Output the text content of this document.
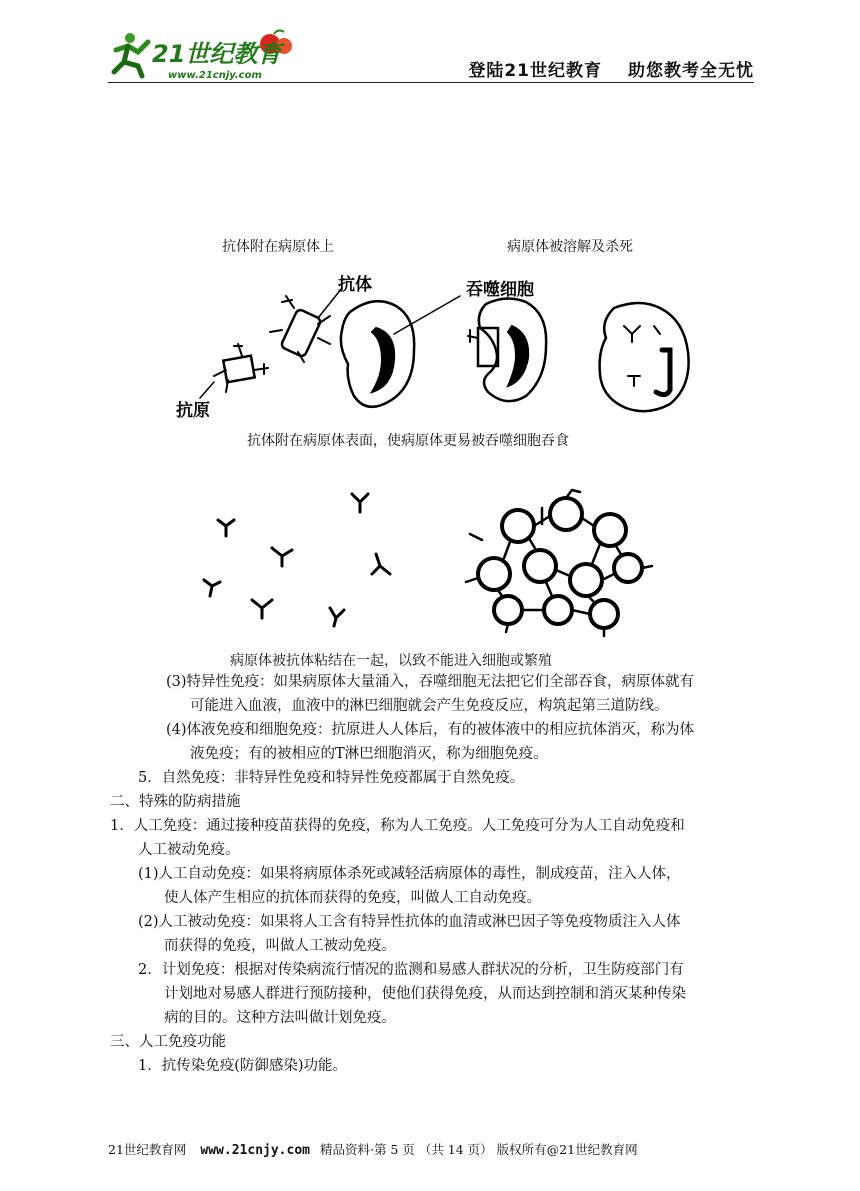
21世纪教育
www.21cnjy.com	登陆21世纪教育 助您教考全无忧
抗体附在病原体上	病原体被溶解及杀死
抗体	吞噬细胞
抗原
抗体附在病原体表面，使病原体更易被吞噬细胞吞食
病原体被抗体粘结在一起，以致不能进入细胞或繁殖
(3)特异性免疫：如果病原体大量涌入，吞噬细胞无法把它们全部吞食，病原体就有
可能进入血液，血液中的淋巴细胞就会产生免疫反应，构筑起第三道防线。
(4)体液免疫和细胞免疫：抗原进人人体后，有的被体液中的相应抗体消灭，称为体
液免疫；有的被相应的T淋巴细胞消灭，称为细胞免疫。
5．自然免疫：非特异性免疫和特异性免疫都属于自然免疫。
二、特殊的防病措施
1．人工免疫：通过接种疫苗获得的免疫，称为人工免疫。人工免疫可分为人工自动免疫和
人工被动免疫。
(1)人工自动免疫：如果将病原体杀死或减轻活病原体的毒性，制成疫苗，注入人体，
使人体产生相应的抗体而获得的免疫，叫做人工自动免疫。
(2)人工被动免疫：如果将人工含有特异性抗体的血清或淋巴因子等免疫物质注入人体
而获得的免疫，叫做人工被动免疫。
2．计划免疫：根据对传染病流行情况的监测和易感人群状况的分析，卫生防疫部门有
计划地对易感人群进行预防接种，使他们获得免疫，从而达到控制和消灭某种传染
病的目的。这种方法叫做计划免疫。
三、人工免疫功能
1．抗传染免疫(防御感染)功能。
21世纪教育网 www.21cnjy.com 精品资料·第 5 页 （共 14 页） 版权所有@21世纪教育网
